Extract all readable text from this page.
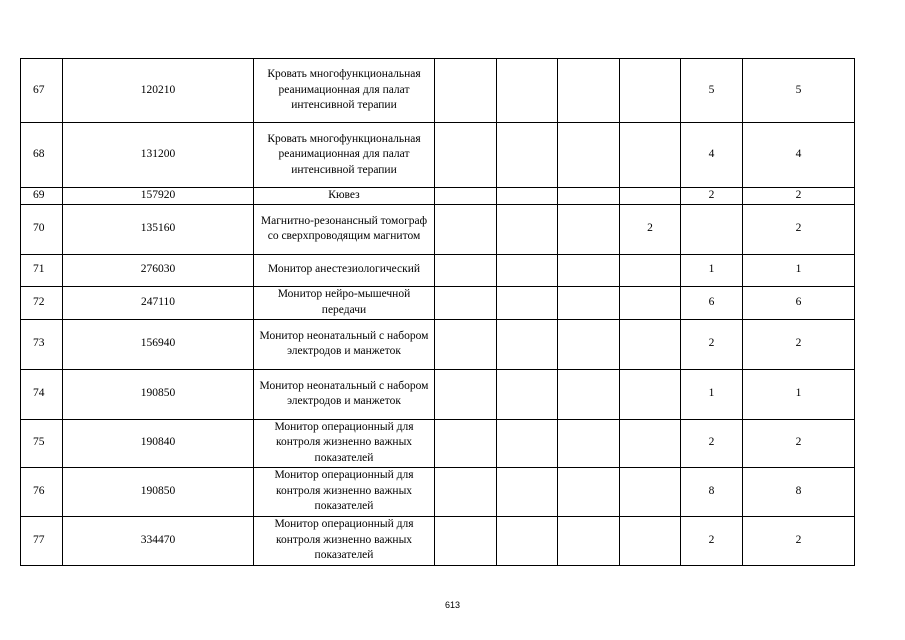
67	120210	Кровать многофункциональная реанимационная для палат интенсивной терапии					5	5
68	131200	Кровать многофункциональная реанимационная для палат интенсивной терапии					4	4
69	157920	Кювез					2	2
70	135160	Магнитно-резонансный томограф со сверхпроводящим магнитом				2		2
71	276030	Монитор анестезиологический					1	1
72	247110	Монитор нейро-мышечной передачи					6	6
73	156940	Монитор неонатальный с набором электродов и манжеток					2	2
74	190850	Монитор неонатальный с набором электродов и манжеток					1	1
75	190840	Монитор операционный для контроля жизненно важных показателей					2	2
76	190850	Монитор операционный для контроля жизненно важных показателей					8	8
77	334470	Монитор операционный для контроля жизненно важных показателей					2	2
613
